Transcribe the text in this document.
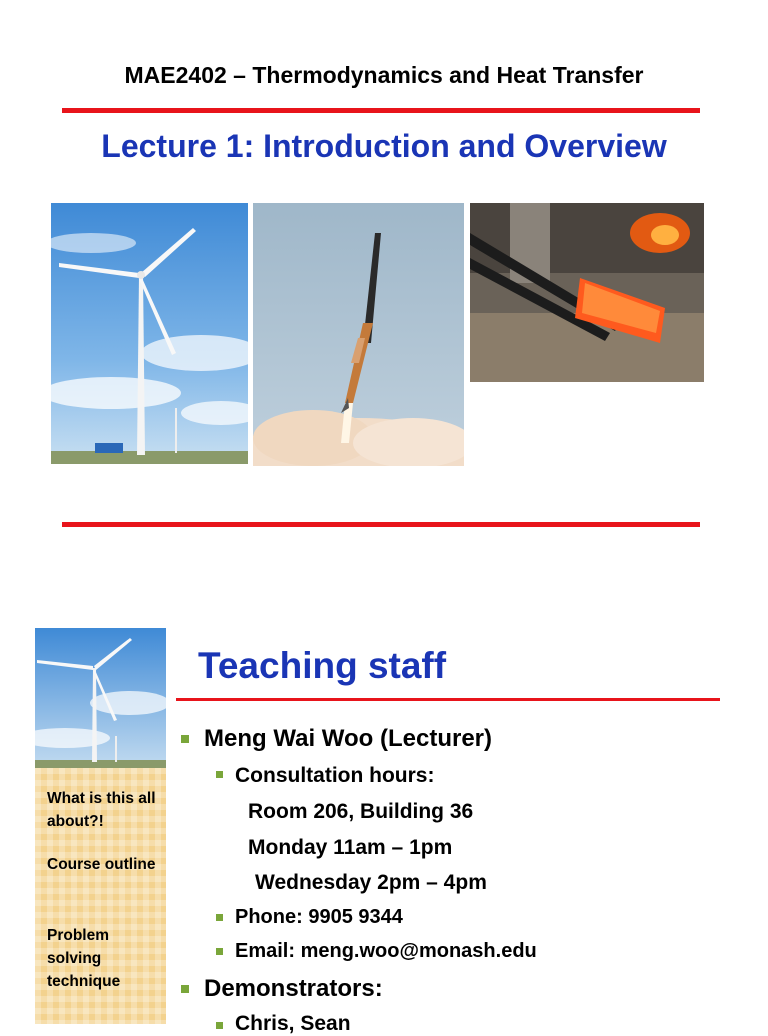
MAE2402 – Thermodynamics and Heat Transfer
Lecture 1: Introduction and Overview
What is this all about?!
Course outline
Problem solving technique
Teaching staff
Meng Wai Woo (Lecturer)
Consultation hours:
Room 206, Building 36
Monday 11am – 1pm
Wednesday 2pm – 4pm
Phone: 9905 9344
Email: meng.woo@monash.edu
Demonstrators:
Chris, Sean
